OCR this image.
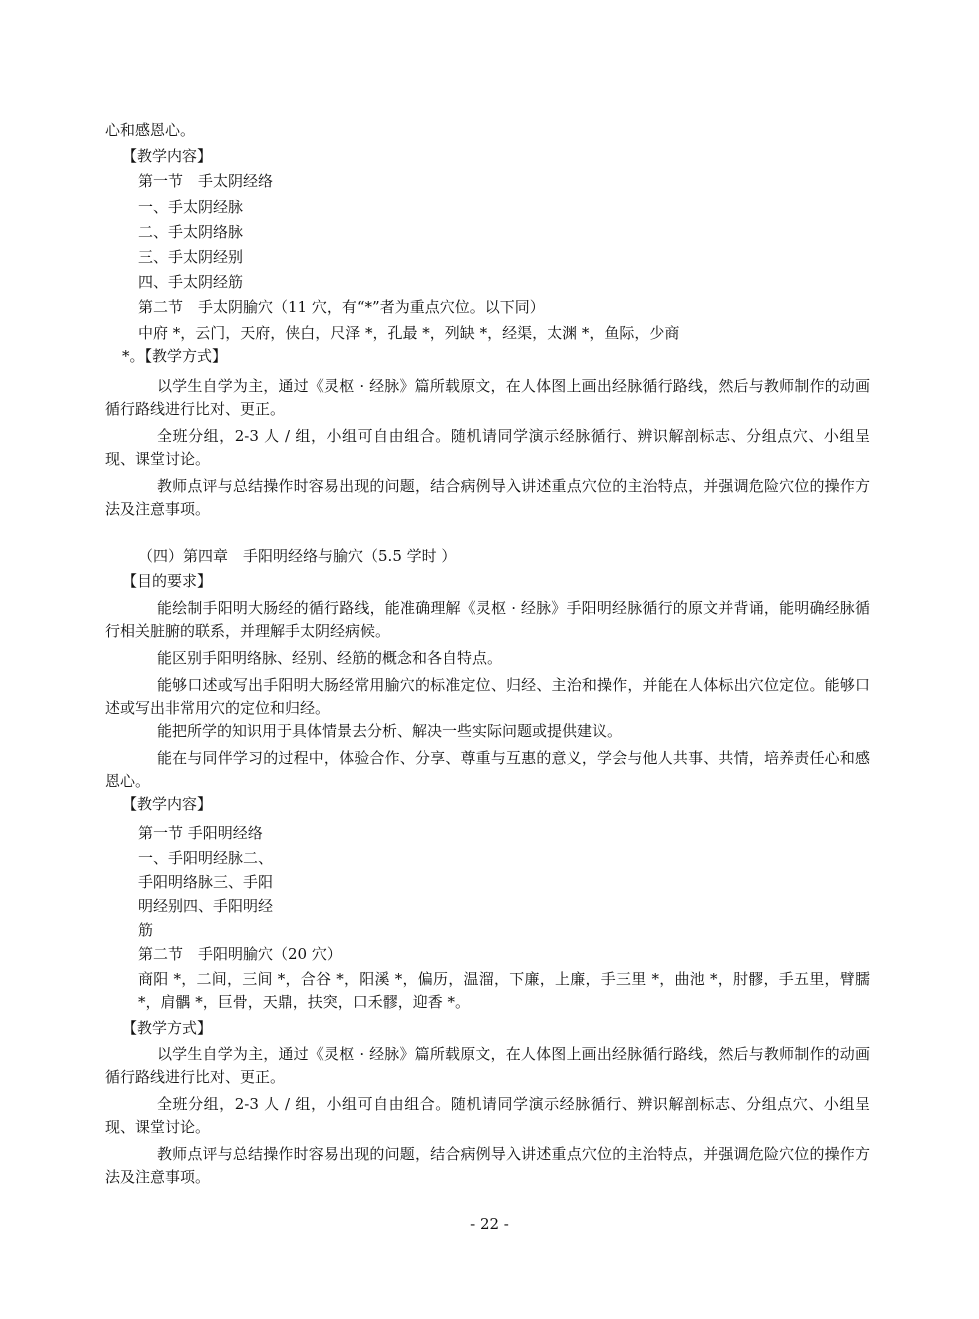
心和感恩心。
【教学内容】
第一节　手太阴经络
一、手太阴经脉
二、手太阴络脉
三、手太阴经别
四、手太阴经筋
第二节　手太阴腧穴（11 穴，有“*”者为重点穴位。以下同）
中府 *，云门，天府，侠白，尺泽 *，孔最 *，列缺 *，经渠，太渊 *，鱼际，少商
*。【教学方式】
以学生自学为主，通过《灵枢 · 经脉》篇所载原文，在人体图上画出经脉循行路线，然后与教师制作的动画循行路线进行比对、更正。
全班分组，2-3 人 / 组，小组可自由组合。随机请同学演示经脉循行、辨识解剖标志、分组点穴、小组呈现、课堂讨论。
教师点评与总结操作时容易出现的问题，结合病例导入讲述重点穴位的主治特点，并强调危险穴位的操作方法及注意事项。
（四）第四章　手阳明经络与腧穴（5.5 学时 ）
【目的要求】
能绘制手阳明大肠经的循行路线，能准确理解《灵枢 · 经脉》手阳明经脉循行的原文并背诵，能明确经脉循行相关脏腑的联系，并理解手太阴经病候。
能区别手阳明络脉、经别、经筋的概念和各自特点。
能够口述或写出手阳明大肠经常用腧穴的标准定位、归经、主治和操作，并能在人体标出穴位定位。能够口述或写出非常用穴的定位和归经。
能把所学的知识用于具体情景去分析、解决一些实际问题或提供建议。
能在与同伴学习的过程中，体验合作、分享、尊重与互惠的意义，学会与他人共事、共情，培养责任心和感恩心。
【教学内容】
第一节 手阳明经络
一、手阳明经脉二、
手阳明络脉三、手阳
明经别四、手阳明经
筋
第二节　手阳明腧穴（20 穴）
商阳 *，二间，三间 *，合谷 *，阳溪 *，偏历，温溜，下廉，上廉，手三里 *，曲池 *，肘髎，手五里，臂臑 *，肩髃 *，巨骨，天鼎，扶突，口禾髎，迎香 *。
【教学方式】
以学生自学为主，通过《灵枢 · 经脉》篇所载原文，在人体图上画出经脉循行路线，然后与教师制作的动画循行路线进行比对、更正。
全班分组，2-3 人 / 组，小组可自由组合。随机请同学演示经脉循行、辨识解剖标志、分组点穴、小组呈现、课堂讨论。
教师点评与总结操作时容易出现的问题，结合病例导入讲述重点穴位的主治特点，并强调危险穴位的操作方法及注意事项。
- 22 -
